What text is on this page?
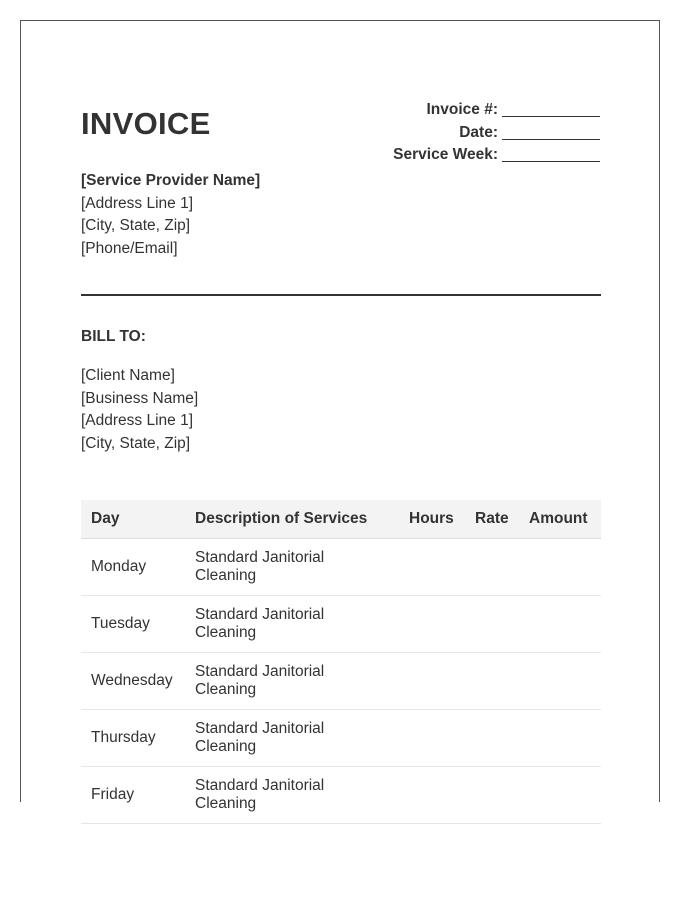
INVOICE	Invoice #:
Date:
Service Week:
[Service Provider Name]
[Address Line 1]
[City, State, Zip]
[Phone/Email]
BILL TO:
[Client Name]
[Business Name]
[Address Line 1]
[City, State, Zip]
Day	Description of Services	Hours	Rate	Amount
Monday	Standard Janitorial Cleaning			

Tuesday	Standard Janitorial Cleaning			

Wednesday	Standard Janitorial Cleaning			

Thursday	Standard Janitorial Cleaning			

Friday	Standard Janitorial Cleaning			
